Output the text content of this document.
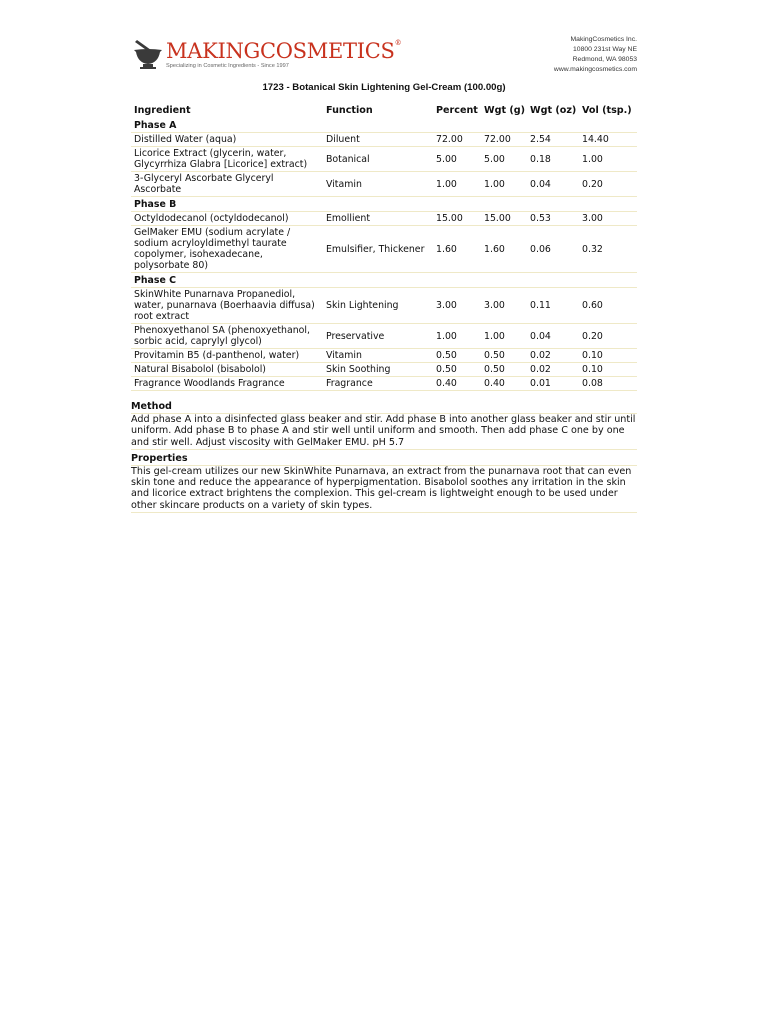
MAKINGCOSMETICS®
Specializing in Cosmetic Ingredients - Since 1997
MakingCosmetics Inc.
10800 231st Way NE
Redmond, WA 98053
www.makingcosmetics.com
1723 - Botanical Skin Lightening Gel-Cream (100.00g)
Ingredient	Function	Percent	Wgt (g)	Wgt (oz)	Vol (tsp.)
Phase A					
Distilled Water (aqua)	Diluent	72.00	72.00	2.54	14.40
Licorice Extract (glycerin, water, Glycyrrhiza Glabra [Licorice] extract)	Botanical	5.00	5.00	0.18	1.00
3-Glyceryl Ascorbate Glyceryl Ascorbate	Vitamin	1.00	1.00	0.04	0.20
Phase B					
Octyldodecanol (octyldodecanol)	Emollient	15.00	15.00	0.53	3.00
GelMaker EMU (sodium acrylate / sodium acryloyldimethyl taurate copolymer, isohexadecane, polysorbate 80)	Emulsifier, Thickener	1.60	1.60	0.06	0.32
Phase C					
SkinWhite Punarnava Propanediol, water, punarnava (Boerhaavia diffusa) root extract	Skin Lightening	3.00	3.00	0.11	0.60
Phenoxyethanol SA (phenoxyethanol, sorbic acid, caprylyl glycol)	Preservative	1.00	1.00	0.04	0.20
Provitamin B5 (d-panthenol, water)	Vitamin	0.50	0.50	0.02	0.10
Natural Bisabolol (bisabolol)	Skin Soothing	0.50	0.50	0.02	0.10
Fragrance Woodlands Fragrance	Fragrance	0.40	0.40	0.01	0.08
Method
Add phase A into a disinfected glass beaker and stir. Add phase B into another glass beaker and stir until uniform. Add phase B to phase A and stir well until uniform and smooth. Then add phase C one by one and stir well. Adjust viscosity with GelMaker EMU. pH 5.7
Properties
This gel-cream utilizes our new SkinWhite Punarnava, an extract from the punarnava root that can even skin tone and reduce the appearance of hyperpigmentation. Bisabolol soothes any irritation in the skin and licorice extract brightens the complexion. This gel-cream is lightweight enough to be used under other skincare products on a variety of skin types.
